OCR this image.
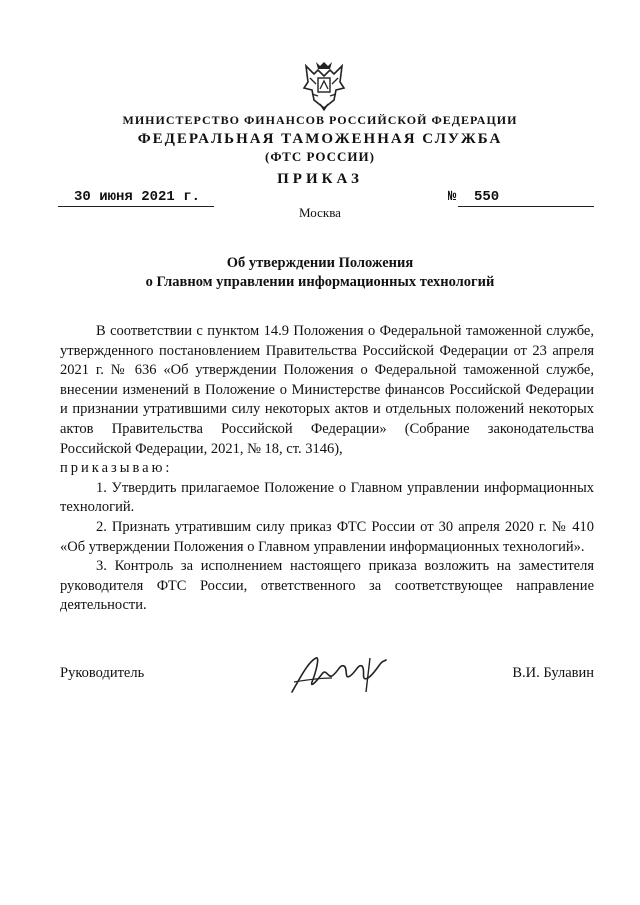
МИНИСТЕРСТВО ФИНАНСОВ РОССИЙСКОЙ ФЕДЕРАЦИИ
ФЕДЕРАЛЬНАЯ ТАМОЖЕННАЯ СЛУЖБА
(ФТС РОССИИ)
ПРИКАЗ
30 июня 2021 г.	№ 550
Москва
Об утверждении Положения
о Главном управлении информационных технологий

В соответствии с пунктом 14.9 Положения о Федеральной таможенной службе, утвержденного постановлением Правительства Российской Федерации от 23 апреля 2021 г. № 636 «Об утверждении Положения о Федеральной таможенной службе, внесении изменений в Положение о Министерстве финансов Российской Федерации и признании утратившими силу некоторых актов и отдельных положений некоторых актов Правительства Российской Федерации» (Собрание законодательства Российской Федерации, 2021, № 18, ст. 3146),

приказываю:

1. Утвердить прилагаемое Положение о Главном управлении информационных технологий.

2. Признать утратившим силу приказ ФТС России от 30 апреля 2020 г. № 410 «Об утверждении Положения о Главном управлении информационных технологий».

3. Контроль за исполнением настоящего приказа возложить на заместителя руководителя ФТС России, ответственного за соответствующее направление деятельности.

Руководитель	В.И. Булавин
